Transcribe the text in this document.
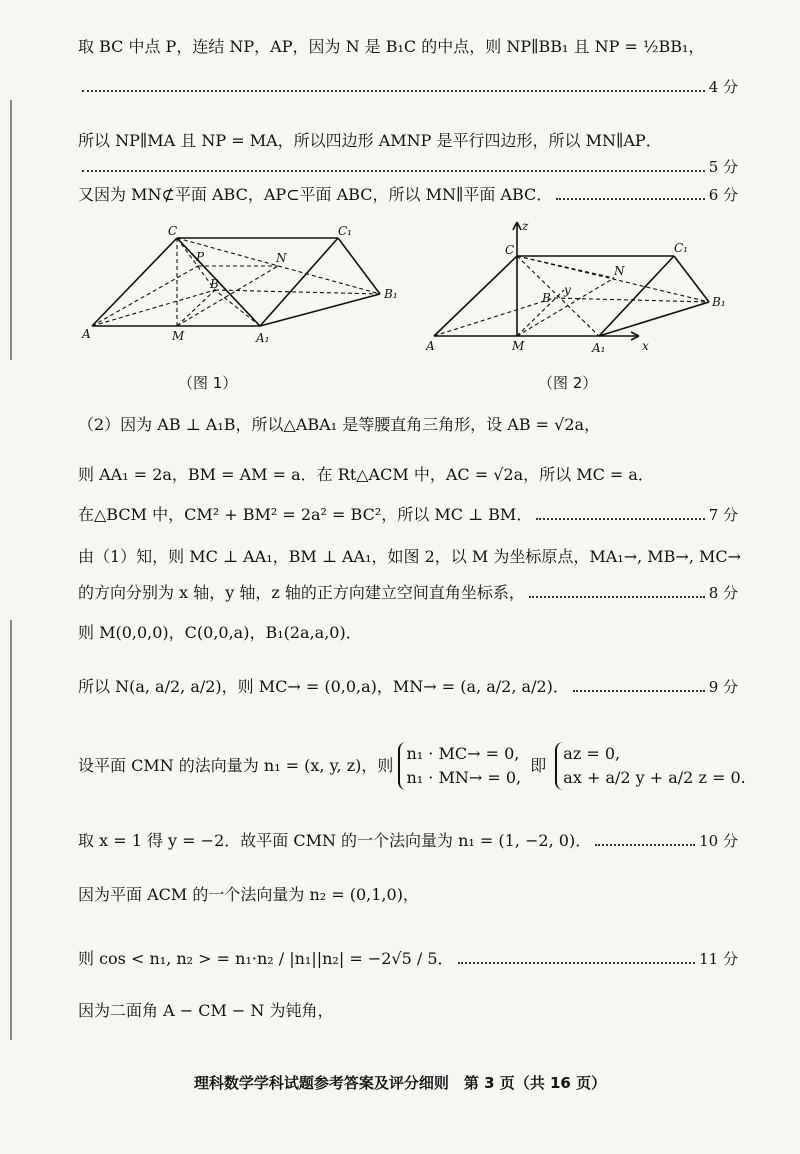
取 BC 中点 P，连结 NP，AP，因为 N 是 B₁C 的中点，则 NP∥BB₁ 且 NP = ½BB₁，
4 分
所以 NP∥MA 且 NP = MA，所以四边形 AMNP 是平行四边形，所以 MN∥AP．
5 分
又因为 MN⊄平面 ABC，AP⊂平面 ABC，所以 MN∥平面 ABC．	6 分
C	C₁
P	N
B
B₁
A	M	A₁
（图 1）
z
C	C₁
N
B
y
B₁
A	M	A₁	x
（图 2）
（2）因为 AB ⊥ A₁B，所以△ABA₁ 是等腰直角三角形，设 AB = √2a，
则 AA₁ = 2a，BM = AM = a．在 Rt△ACM 中，AC = √2a，所以 MC = a．
在△BCM 中，CM² + BM² = 2a² = BC²，所以 MC ⊥ BM．	7 分
由（1）知，则 MC ⊥ AA₁，BM ⊥ AA₁，如图 2，以 M 为坐标原点，MA₁→, MB→, MC→
的方向分别为 x 轴，y 轴，z 轴的正方向建立空间直角坐标系，	8 分
则 M(0,0,0)，C(0,0,a)，B₁(2a,a,0)．
所以 N(a, a/2, a/2)，则 MC→ = (0,0,a)，MN→ = (a, a/2, a/2)．	9 分
设平面 CMN 的法向量为 n₁ = (x, y, z)，则
n₁ · MC→ = 0,
n₁ · MN→ = 0,
即
az = 0,
ax + a/2 y + a/2 z = 0.
取 x = 1 得 y = −2．故平面 CMN 的一个法向量为 n₁ = (1, −2, 0)．	10 分
因为平面 ACM 的一个法向量为 n₂ = (0,1,0)，
则 cos < n₁, n₂ > = n₁·n₂ / |n₁||n₂| = −2√5 / 5．	11 分
因为二面角 A − CM − N 为钝角，
理科数学学科试题参考答案及评分细则　第 3 页（共 16 页）
